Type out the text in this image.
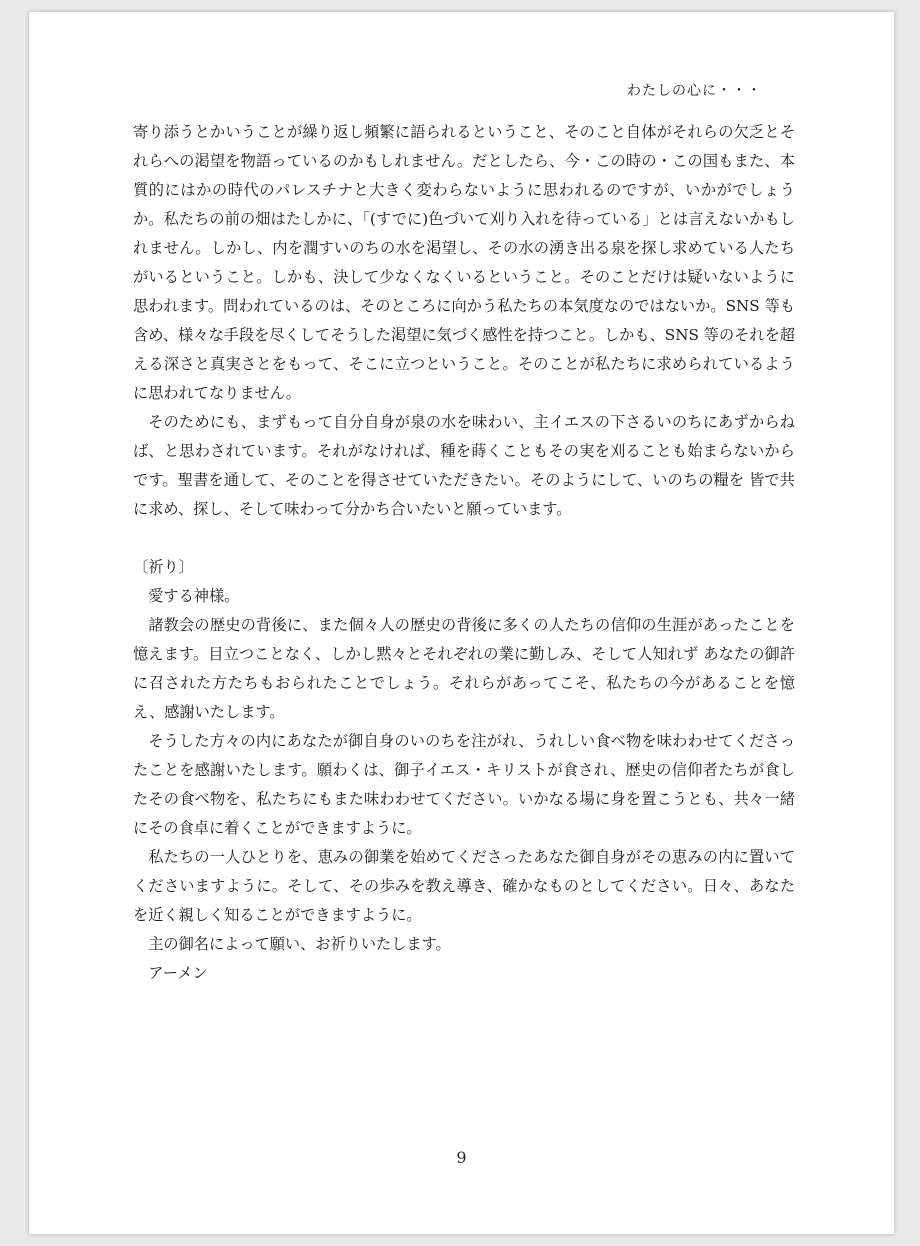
わたしの心に・・・

寄り添うとかいうことが繰り返し頻繁に語られるということ、そのこと自体がそれらの欠乏とそれらへの渇望を物語っているのかもしれません。だとしたら、今・この時の・この国もまた、本質的にはかの時代のパレスチナと大きく変わらないように思われるのですが、いかがでしょうか。私たちの前の畑はたしかに、「(すでに)色づいて刈り入れを待っている」とは言えないかもしれません。しかし、内を潤すいのちの水を渇望し、その水の湧き出る泉を探し求めている人たちがいるということ。しかも、決して少なくなくいるということ。そのことだけは疑いないように思われます。問われているのは、そのところに向かう私たちの本気度なのではないか。SNS 等も含め、様々な手段を尽くしてそうした渇望に気づく感性を持つこと。しかも、SNS 等のそれを超える深さと真実さとをもって、そこに立つということ。そのことが私たちに求められているように思われてなりません。

そのためにも、まずもって自分自身が泉の水を味わい、主イエスの下さるいのちにあずからねば、と思わされています。それがなければ、種を蒔くこともその実を刈ることも始まらないからです。聖書を通して、そのことを得させていただきたい。そのようにして、いのちの糧を 皆で共に求め、探し、そして味わって分かち合いたいと願っています。

〔祈り〕

愛する神様。

諸教会の歴史の背後に、また個々人の歴史の背後に多くの人たちの信仰の生涯があったことを憶えます。目立つことなく、しかし黙々とそれぞれの業に勤しみ、そして人知れず あなたの御許に召された方たちもおられたことでしょう。それらがあってこそ、私たちの今があることを憶え、感謝いたします。

そうした方々の内にあなたが御自身のいのちを注がれ、うれしい食べ物を味わわせてくださったことを感謝いたします。願わくは、御子イエス・キリストが食され、歴史の信仰者たちが食したその食べ物を、私たちにもまた味わわせてください。いかなる場に身を置こうとも、共々一緒にその食卓に着くことができますように。

私たちの一人ひとりを、恵みの御業を始めてくださったあなた御自身がその恵みの内に置いてくださいますように。そして、その歩みを教え導き、確かなものとしてください。日々、あなたを近く親しく知ることができますように。

主の御名によって願い、お祈りいたします。

アーメン

9
